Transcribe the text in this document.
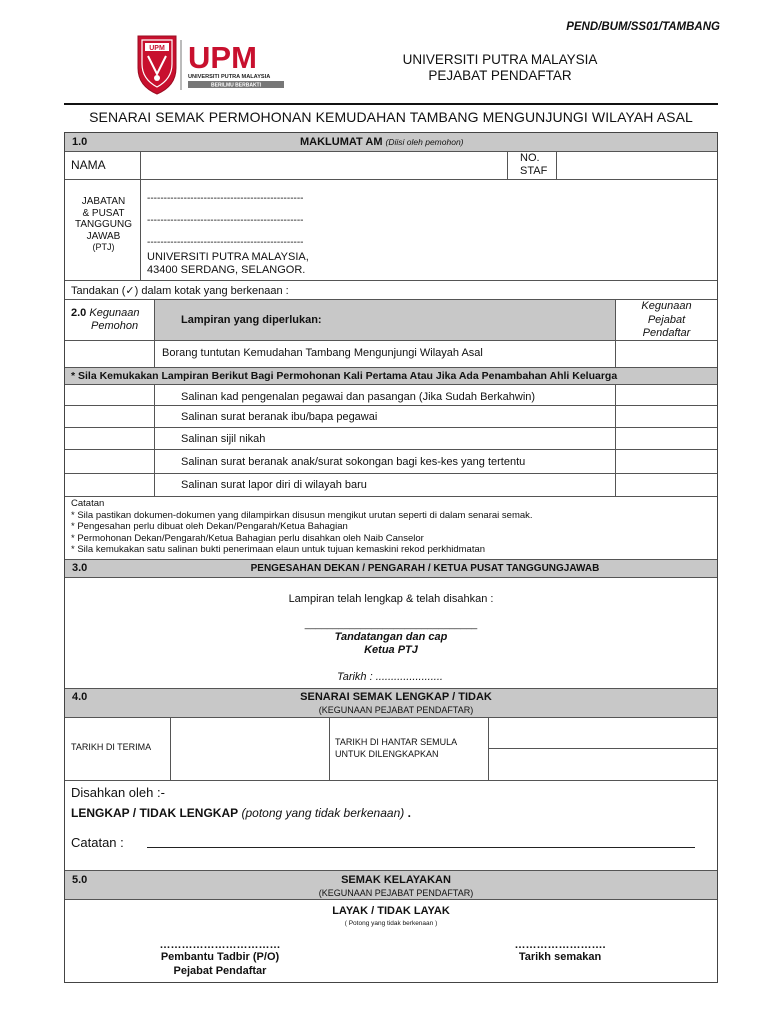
PEND/BUM/SS01/TAMBANG
UPM UPM
UNIVERSITI PUTRA MALAYSIA
BERILMU BERBAKTI
UNIVERSITI PUTRA MALAYSIA
PEJABAT PENDAFTAR
SENARAI SEMAK PERMOHONAN KEMUDAHAN TAMBANG MENGUNJUNGI WILAYAH ASAL
1.0	MAKLUMAT AM (Diisi oleh pemohon)
NAMA	NO.
STAF
JABATAN
& PUSAT
TANGGUNG
JAWAB
(PTJ)
-----------------------------------------------
-----------------------------------------------
-----------------------------------------------
UNIVERSITI PUTRA MALAYSIA,
43400 SERDANG, SELANGOR.
Tandakan (✓) dalam kotak yang berkenaan :
2.0 Kegunaan
Pemohon	Lampiran yang diperlukan:
Kegunaan
Pejabat
Pendaftar
Borang tuntutan Kemudahan Tambang Mengunjungi Wilayah Asal
* Sila Kemukakan Lampiran Berikut Bagi Permohonan Kali Pertama Atau Jika Ada Penambahan Ahli Keluarga
Salinan kad pengenalan pegawai dan pasangan (Jika Sudah Berkahwin)
Salinan surat beranak ibu/bapa pegawai
Salinan sijil nikah
Salinan surat beranak anak/surat sokongan bagi kes-kes yang tertentu
Salinan surat lapor diri di wilayah baru
Catatan
* Sila pastikan dokumen-dokumen yang dilampirkan disusun mengikut urutan seperti di dalam senarai semak.
* Pengesahan perlu dibuat oleh Dekan/Pengarah/Ketua Bahagian
* Permohonan Dekan/Pengarah/Ketua Bahagian perlu disahkan oleh Naib Canselor
* Sila kemukakan satu salinan bukti penerimaan elaun untuk tujuan kemaskini rekod perkhidmatan
3.0	PENGESAHAN DEKAN / PENGARAH / KETUA PUSAT TANGGUNGJAWAB
Lampiran telah lengkap & telah disahkan :
_______________________________
Tandatangan dan cap
Ketua PTJ
Tarikh : ......................
4.0	SENARAI SEMAK LENGKAP / TIDAK
(KEGUNAAN PEJABAT PENDAFTAR)
TARIKH DI TERIMA	TARIKH DI HANTAR SEMULA
UNTUK DILENGKAPKAN
Disahkan oleh :-
LENGKAP / TIDAK LENGKAP (potong yang tidak berkenaan) .
Catatan :
5.0	SEMAK KELAYAKAN
(KEGUNAAN PEJABAT PENDAFTAR)
LAYAK / TIDAK LAYAK
( Potong yang tidak berkenaan )
……………………………
Pembantu Tadbir (P/O)
Pejabat Pendaftar
…………………….
Tarikh semakan
